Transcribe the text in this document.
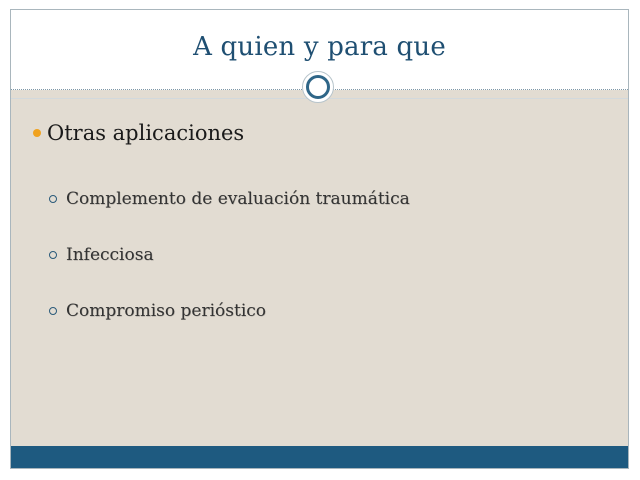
A quien y para que
Otras aplicaciones
Complemento de evaluación traumática
Infecciosa
Compromiso periόstico
